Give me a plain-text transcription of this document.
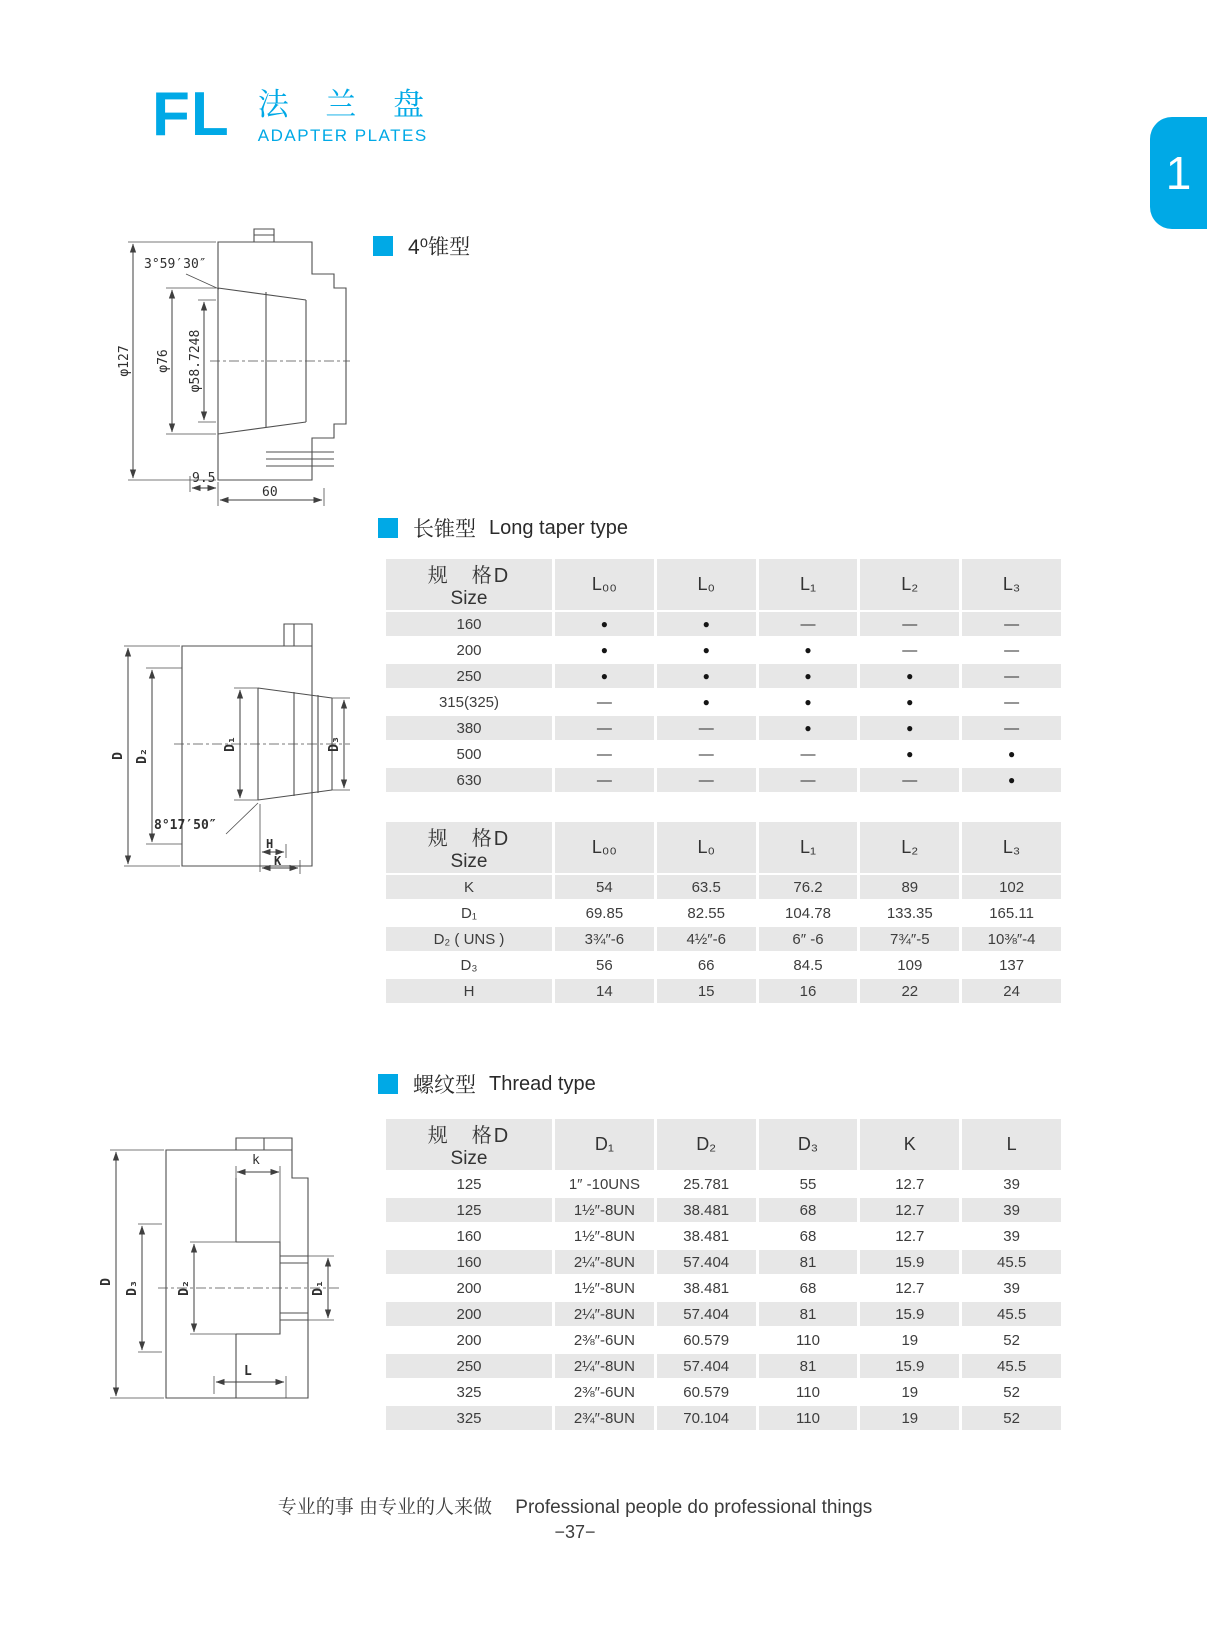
FL 法 兰 盘
ADAPTER PLATES
1
4⁰锥型
长锥型 Long taper type
螺纹型 Thread type
3°59′30″
φ127 φ76 φ58.7248
9.5
60
D D₂
D₁	D₃
8°17′50″
H
K
D D₃	D₂	D₁
k
L
规　格D
Size	L₀₀	L₀	L₁	L₂	L₃
160	●	●	—	—	—
200	●	●	●	—	—
250	●	●	●	●	—
315(325)	—	●	●	●	—
380	—	—	●	●	—
500	—	—	—	●	●
630	—	—	—	—	●
规　格D
Size	L₀₀	L₀	L₁	L₂	L₃
K	54	63.5	76.2	89	102
D₁	69.85	82.55	104.78	133.35	165.11
D₂ ( UNS )	3¾″-6	4½″-6	6″ -6	7¾″-5	10⅜″-4
D₃	56	66	84.5	109	137
H	14	15	16	22	24
规　格D
Size	D₁	D₂	D₃	K	L
125	1″ -10UNS	25.781	55	12.7	39
125	1½″-8UN	38.481	68	12.7	39
160	1½″-8UN	38.481	68	12.7	39
160	2¼″-8UN	57.404	81	15.9	45.5
200	1½″-8UN	38.481	68	12.7	39
200	2¼″-8UN	57.404	81	15.9	45.5
200	2⅜″-6UN	60.579	110	19	52
250	2¼″-8UN	57.404	81	15.9	45.5
325	2⅜″-6UN	60.579	110	19	52
325	2¾″-8UN	70.104	110	19	52
专业的事 由专业的人来做 Professional people do professional things
−37−
